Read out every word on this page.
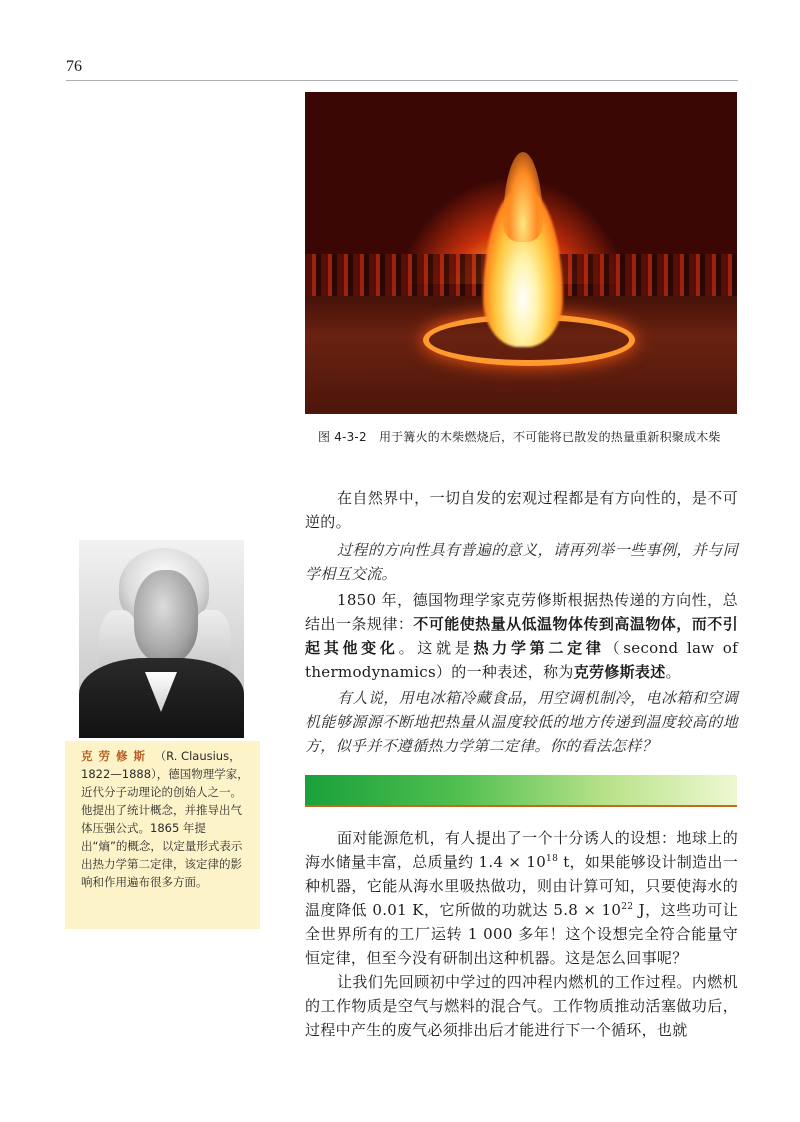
76
图 4-3-2　用于篝火的木柴燃烧后，不可能将已散发的热量重新积聚成木柴
克劳修斯 （R. Clausius，1822—1888），德国物理学家，近代分子动理论的创始人之一。他提出了统计概念，并推导出气体压强公式。1865 年提出“熵”的概念，以定量形式表示出热力学第二定律，该定律的影响和作用遍布很多方面。
在自然界中，一切自发的宏观过程都是有方向性的，是不可逆的。
过程的方向性具有普遍的意义，请再列举一些事例，并与同学相互交流。
1850 年，德国物理学家克劳修斯根据热传递的方向性，总结出一条规律：不可能使热量从低温物体传到高温物体，而不引起其他变化。这就是热力学第二定律（second law of thermodynamics）的一种表述，称为克劳修斯表述。
有人说，用电冰箱冷藏食品，用空调机制冷，电冰箱和空调机能够源源不断地把热量从温度较低的地方传递到温度较高的地方，似乎并不遵循热力学第二定律。你的看法怎样？
面对能源危机，有人提出了一个十分诱人的设想：地球上的海水储量丰富，总质量约 $1.4 \times 10^{18}$ t，如果能够设计制造出一种机器，它能从海水里吸热做功，则由计算可知，只要使海水的温度降低 0.01 K，它所做的功就达 $5.8 \times 10^{22}$ J，这些功可让全世界所有的工厂运转 1 000 多年！这个设想完全符合能量守恒定律，但至今没有研制出这种机器。这是怎么回事呢？
让我们先回顾初中学过的四冲程内燃机的工作过程。内燃机的工作物质是空气与燃料的混合气。工作物质推动活塞做功后，过程中产生的废气必须排出后才能进行下一个循环，也就
